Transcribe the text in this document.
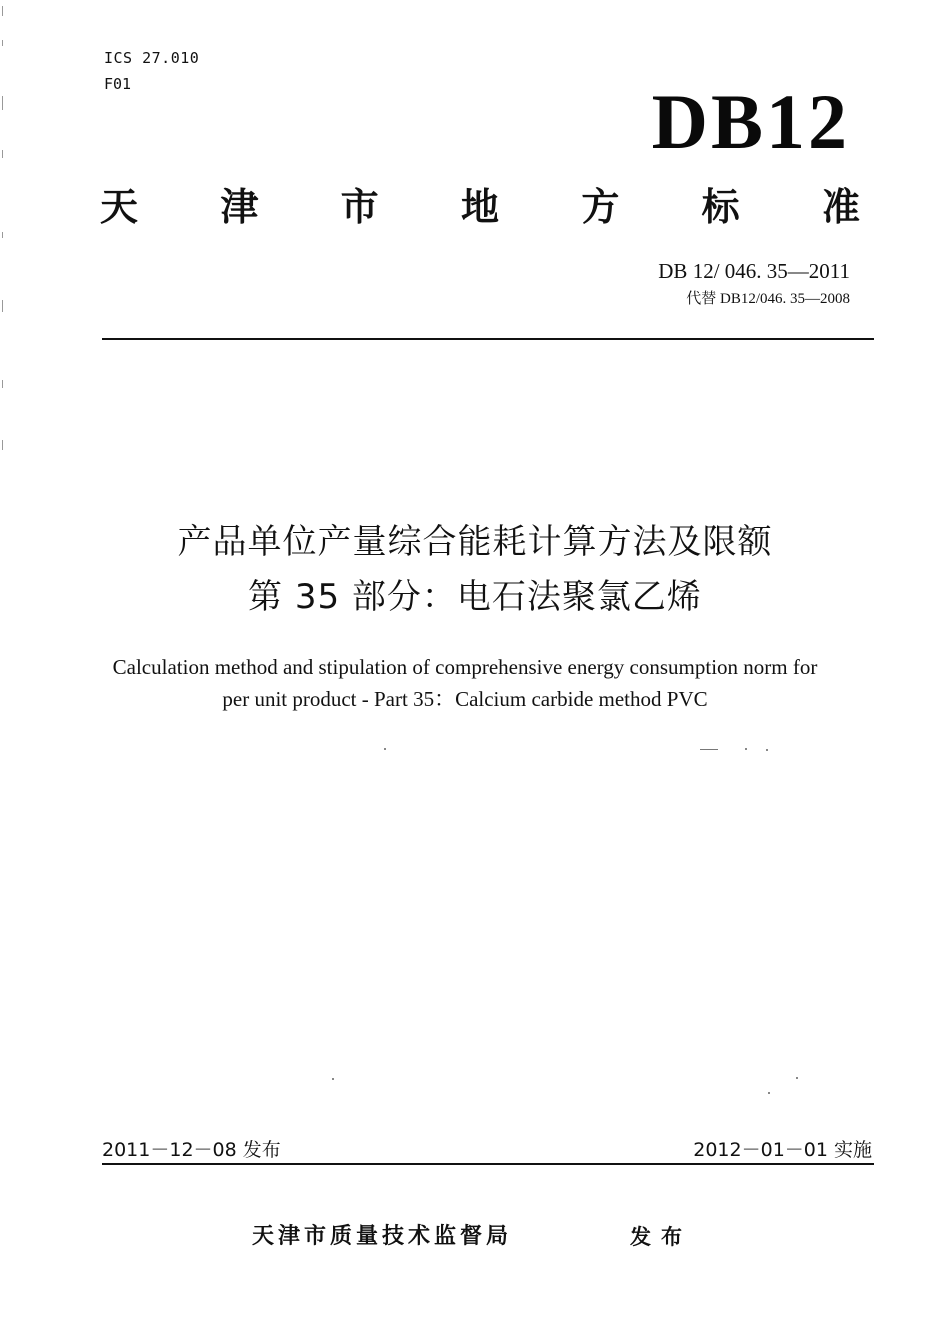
ICS 27.010
F01	DB12
天 津 市 地 方 标 准
DB 12/ 046. 35—2011
代替 DB12/046. 35—2008
产品单位产量综合能耗计算方法及限额
第 35 部分：电石法聚氯乙烯
Calculation method and stipulation of comprehensive energy consumption norm for
per unit product - Part 35：Calcium carbide method PVC
2011－12－08 发布	2012－01－01 实施
天津市质量技术监督局	发布
